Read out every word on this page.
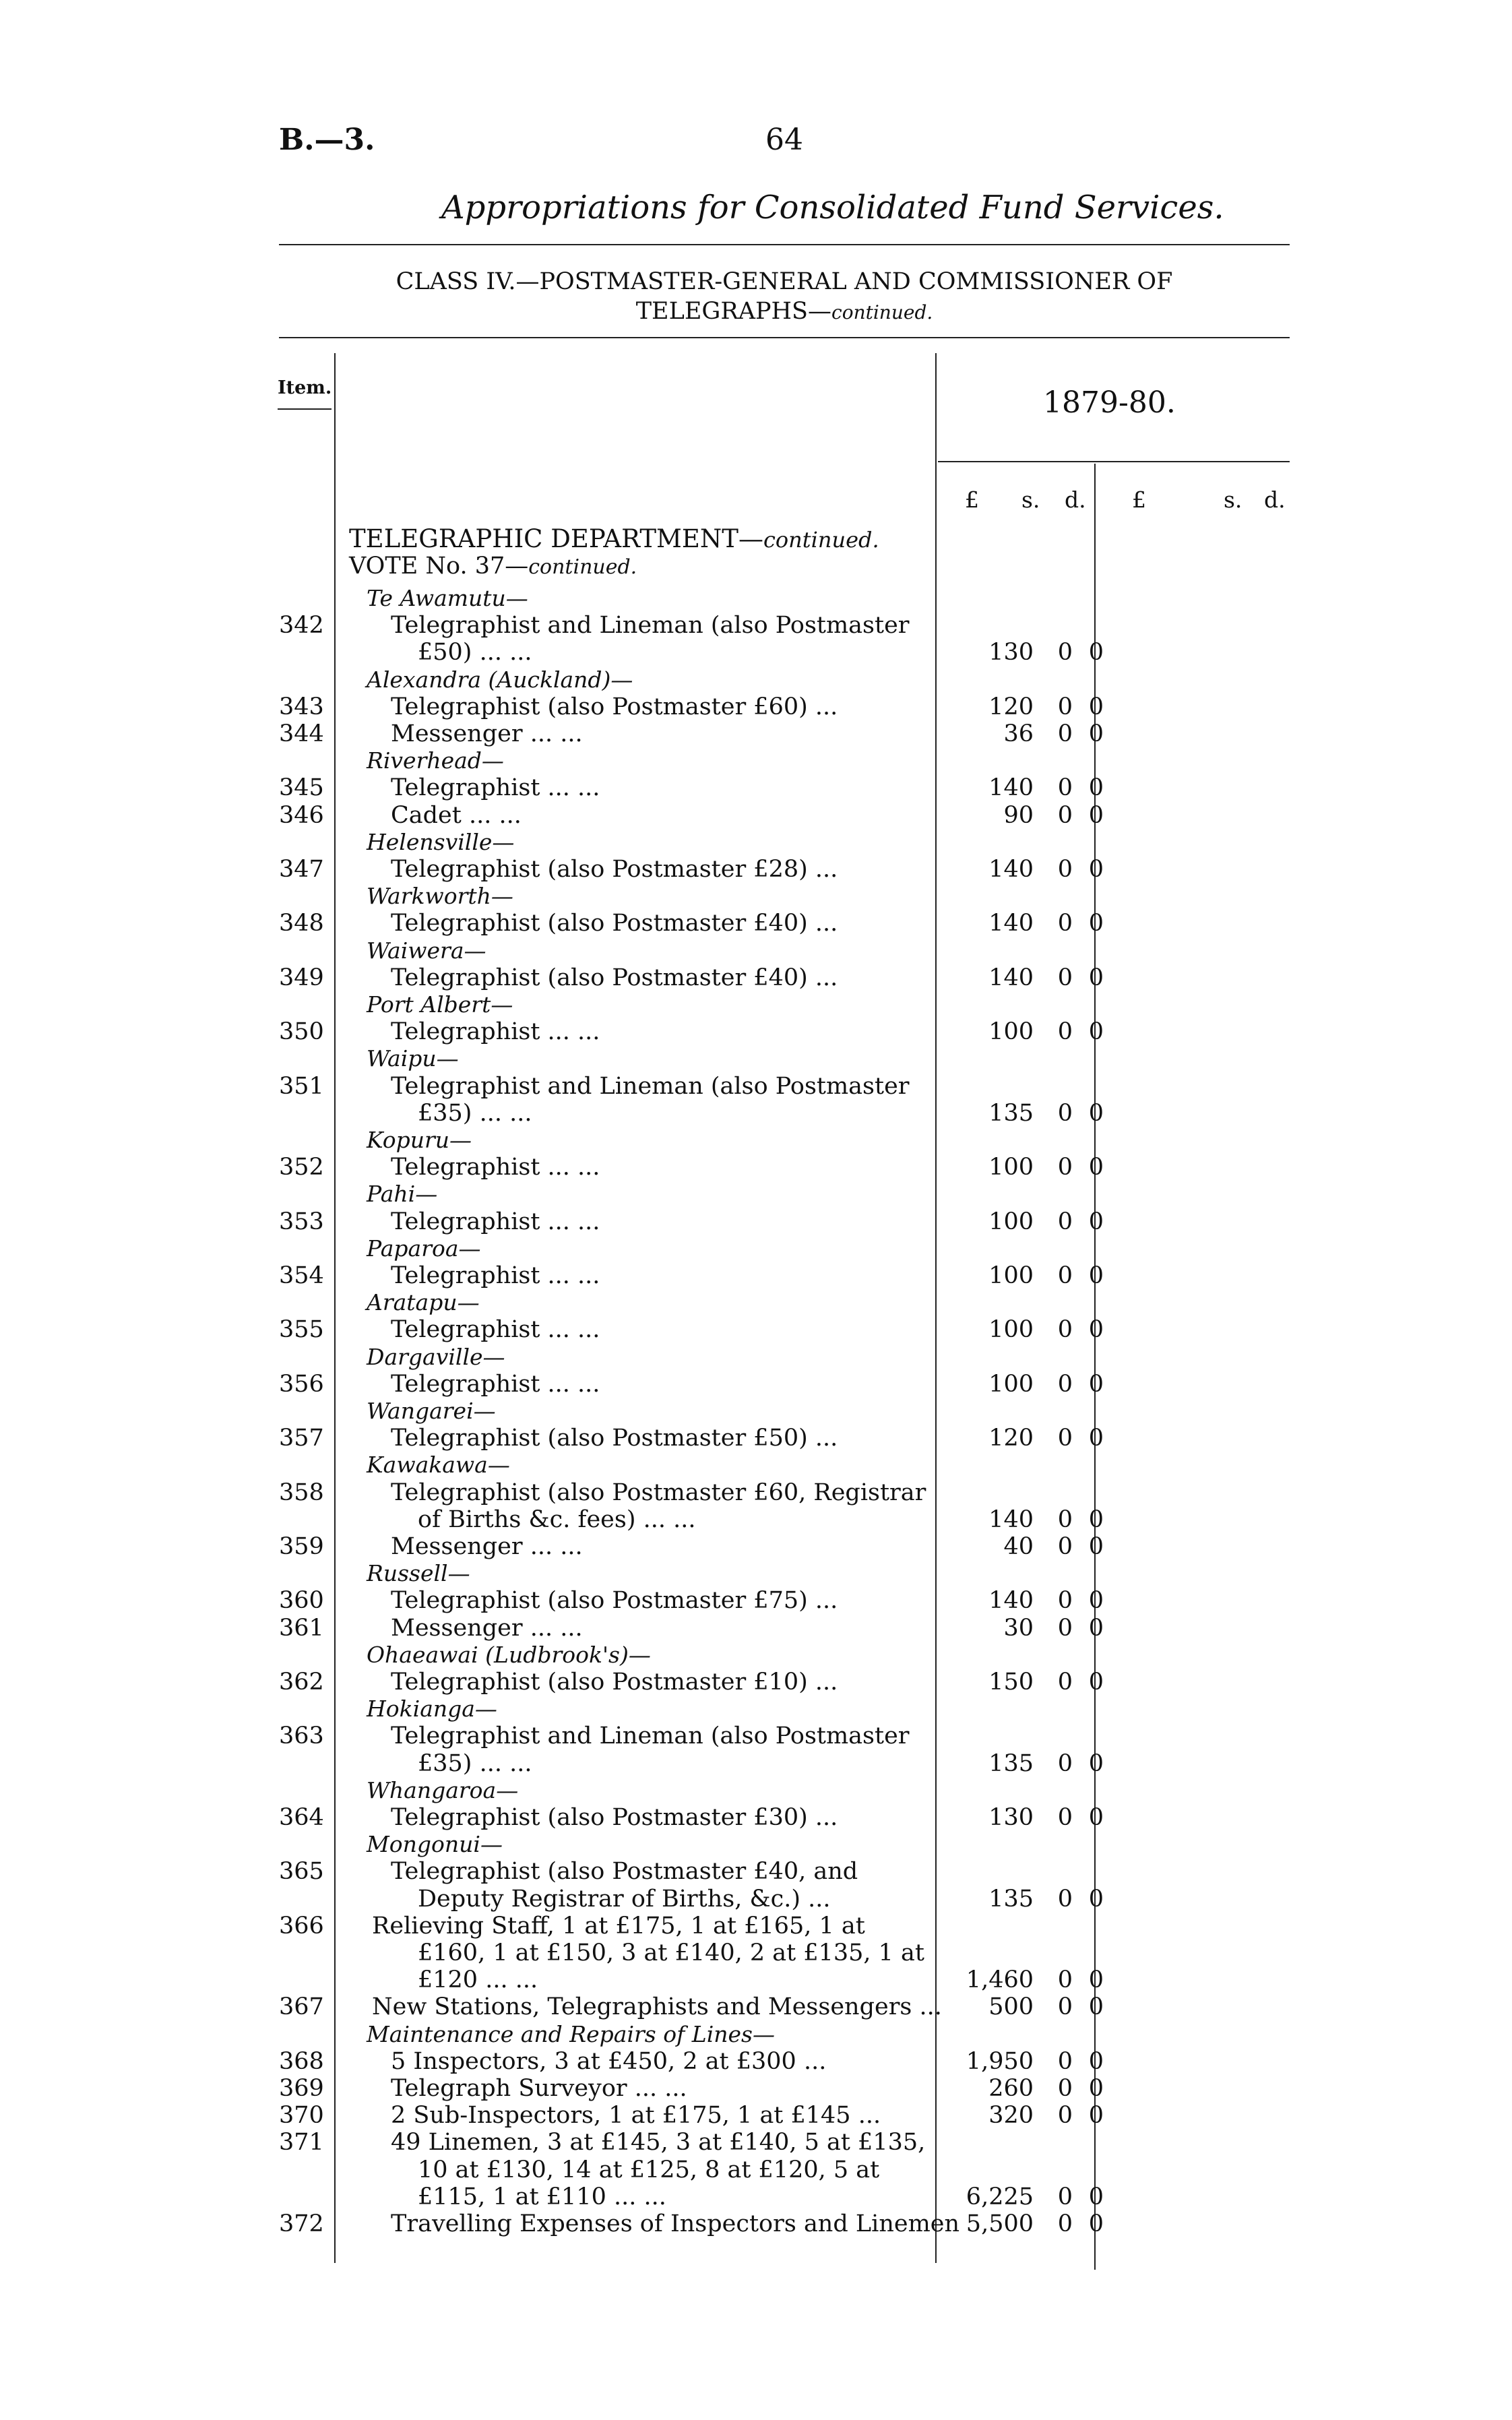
B.—3.	64
Appropriations for Consolidated Fund Services.
CLASS IV.—POSTMASTER-GENERAL AND COMMISSIONER OF
TELEGRAPHS—continued.
Item.	1879-80.
£ s. d. £	s. d.
TELEGRAPHIC DEPARTMENT—continued.
VOTE No. 37—continued.
Te Awamutu—
342	Telegraphist and Lineman (also Postmaster
£50) ... ...	130 0 0
Alexandra (Auckland)—
343	Telegraphist (also Postmaster £60) ...	120 0 0
344	Messenger ... ...	36 0 0
Riverhead—
345	Telegraphist ... ...	140 0 0
346	Cadet ... ...	90 0 0
Helensville—
347	Telegraphist (also Postmaster £28) ...	140 0 0
Warkworth—
348	Telegraphist (also Postmaster £40) ...	140 0 0
Waiwera—
349	Telegraphist (also Postmaster £40) ...	140 0 0
Port Albert—
350	Telegraphist ... ...	100 0 0
Waipu—
351	Telegraphist and Lineman (also Postmaster
£35) ... ...	135 0 0
Kopuru—
352	Telegraphist ... ...	100 0 0
Pahi—
353	Telegraphist ... ...	100 0 0
Paparoa—
354	Telegraphist ... ...	100 0 0
Aratapu—
355	Telegraphist ... ...	100 0 0
Dargaville—
356	Telegraphist ... ...	100 0 0
Wangarei—
357	Telegraphist (also Postmaster £50) ...	120 0 0
Kawakawa—
358	Telegraphist (also Postmaster £60, Registrar
of Births &c. fees) ... ...	140 0 0
359	Messenger ... ...	40 0 0
Russell—
360	Telegraphist (also Postmaster £75) ...	140 0 0
361	Messenger ... ...	30 0 0
Ohaeawai (Ludbrook's)—
362	Telegraphist (also Postmaster £10) ...	150 0 0
Hokianga—
363	Telegraphist and Lineman (also Postmaster
£35) ... ...	135 0 0
Whangaroa—
364	Telegraphist (also Postmaster £30) ...	130 0 0
Mongonui—
365	Telegraphist (also Postmaster £40, and
Deputy Registrar of Births, &c.) ...	135 0 0
366	Relieving Staff, 1 at £175, 1 at £165, 1 at
£160, 1 at £150, 3 at £140, 2 at £135, 1 at
£120 ... ...	1,460 0 0
367	New Stations, Telegraphists and Messengers ...	500 0 0
Maintenance and Repairs of Lines—
368	5 Inspectors, 3 at £450, 2 at £300 ...	1,950 0 0
369	Telegraph Surveyor ... ...	260 0 0
370	2 Sub-Inspectors, 1 at £175, 1 at £145 ...	320 0 0
371	49 Linemen, 3 at £145, 3 at £140, 5 at £135,
10 at £130, 14 at £125, 8 at £120, 5 at
£115, 1 at £110 ... ...	6,225 0 0
372	Travelling Expenses of Inspectors and Linemen 5,500 0 0
